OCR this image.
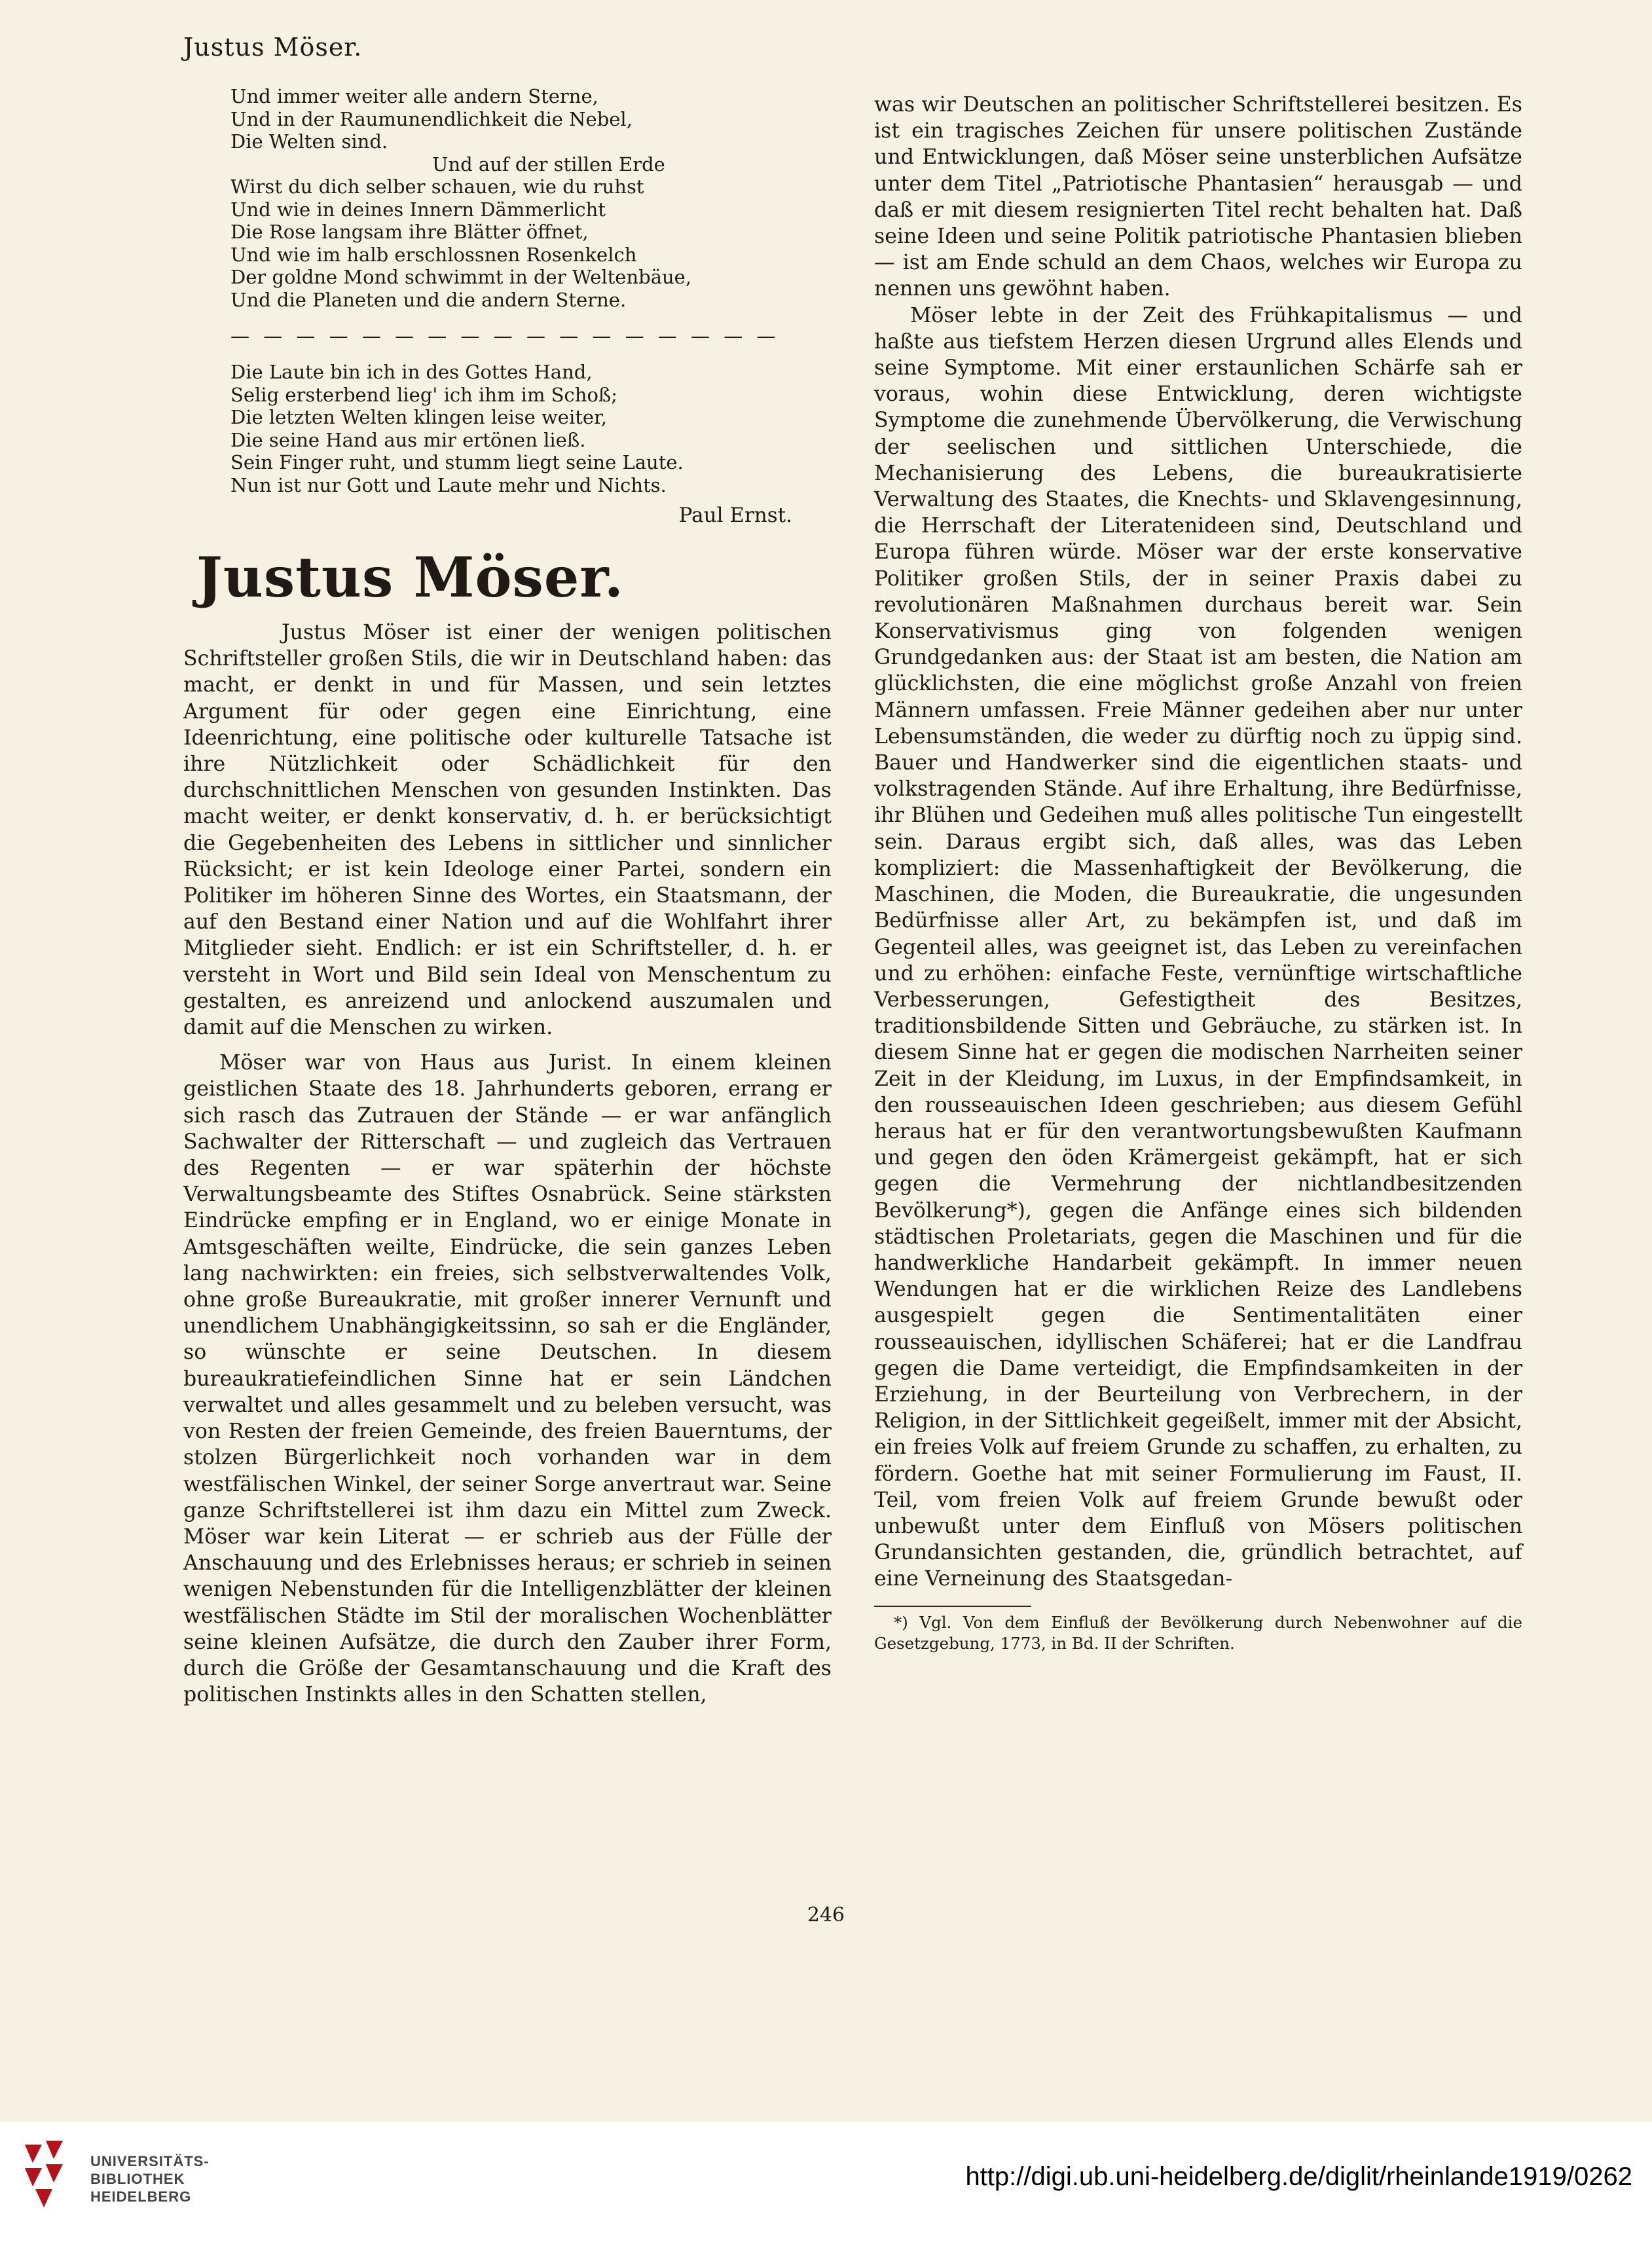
Justus Möser.
Und immer weiter alle andern Sterne,
Und in der Raumunendlichkeit die Nebel,
Die Welten sind.
Und auf der stillen Erde
Wirst du dich selber schauen, wie du ruhst
Und wie in deines Innern Dämmerlicht
Die Rose langsam ihre Blätter öffnet,
Und wie im halb erschlossnen Rosenkelch
Der goldne Mond schwimmt in der Weltenbäue,
Und die Planeten und die andern Sterne.
— — — — — — — — — — — — — — — — —
Die Laute bin ich in des Gottes Hand,
Selig ersterbend lieg' ich ihm im Schoß;
Die letzten Welten klingen leise weiter,
Die seine Hand aus mir ertönen ließ.
Sein Finger ruht, und stumm liegt seine Laute.
Nun ist nur Gott und Laute mehr und Nichts.
Paul Ernst.
Justus Möser.

Justus Möser ist einer der wenigen politischen Schriftsteller großen Stils, die wir in Deutschland haben: das macht, er denkt in und für Massen, und sein letztes Argument für oder gegen eine Einrichtung, eine Ideenrichtung, eine politische oder kulturelle Tatsache ist ihre Nützlichkeit oder Schädlichkeit für den durchschnittlichen Menschen von gesunden Instinkten. Das macht weiter, er denkt konservativ, d. h. er berücksichtigt die Gegebenheiten des Lebens in sittlicher und sinnlicher Rücksicht; er ist kein Ideologe einer Partei, sondern ein Politiker im höheren Sinne des Wortes, ein Staatsmann, der auf den Bestand einer Nation und auf die Wohlfahrt ihrer Mitglieder sieht. Endlich: er ist ein Schriftsteller, d. h. er versteht in Wort und Bild sein Ideal von Menschentum zu gestalten, es anreizend und anlockend auszumalen und damit auf die Menschen zu wirken.

Möser war von Haus aus Jurist. In einem kleinen geistlichen Staate des 18. Jahrhunderts geboren, errang er sich rasch das Zutrauen der Stände — er war anfänglich Sachwalter der Ritterschaft — und zugleich das Vertrauen des Regenten — er war späterhin der höchste Verwaltungsbeamte des Stiftes Osnabrück. Seine stärksten Eindrücke empfing er in England, wo er einige Monate in Amtsgeschäften weilte, Eindrücke, die sein ganzes Leben lang nachwirkten: ein freies, sich selbstverwaltendes Volk, ohne große Bureaukratie, mit großer innerer Vernunft und unendlichem Unabhängigkeitssinn, so sah er die Engländer, so wünschte er seine Deutschen. In diesem bureaukratiefeindlichen Sinne hat er sein Ländchen verwaltet und alles gesammelt und zu beleben versucht, was von Resten der freien Gemeinde, des freien Bauerntums, der stolzen Bürgerlichkeit noch vorhanden war in dem westfälischen Winkel, der seiner Sorge anvertraut war. Seine ganze Schriftstellerei ist ihm dazu ein Mittel zum Zweck. Möser war kein Literat — er schrieb aus der Fülle der Anschauung und des Erlebnisses heraus; er schrieb in seinen wenigen Nebenstunden für die Intelligenzblätter der kleinen westfälischen Städte im Stil der moralischen Wochenblätter seine kleinen Aufsätze, die durch den Zauber ihrer Form, durch die Größe der Gesamtanschauung und die Kraft des politischen Instinkts alles in den Schatten stellen,

was wir Deutschen an politischer Schriftstellerei besitzen. Es ist ein tragisches Zeichen für unsere politischen Zustände und Entwicklungen, daß Möser seine unsterblichen Aufsätze unter dem Titel „Patriotische Phantasien“ herausgab — und daß er mit diesem resignierten Titel recht behalten hat. Daß seine Ideen und seine Politik patriotische Phantasien blieben — ist am Ende schuld an dem Chaos, welches wir Europa zu nennen uns gewöhnt haben.

Möser lebte in der Zeit des Frühkapitalismus — und haßte aus tiefstem Herzen diesen Urgrund alles Elends und seine Symptome. Mit einer erstaunlichen Schärfe sah er voraus, wohin diese Entwicklung, deren wichtigste Symptome die zunehmende Übervölkerung, die Verwischung der seelischen und sittlichen Unterschiede, die Mechanisierung des Lebens, die bureaukratisierte Verwaltung des Staates, die Knechts- und Sklavengesinnung, die Herrschaft der Literatenideen sind, Deutschland und Europa führen würde. Möser war der erste konservative Politiker großen Stils, der in seiner Praxis dabei zu revolutionären Maßnahmen durchaus bereit war. Sein Konservativismus ging von folgenden wenigen Grundgedanken aus: der Staat ist am besten, die Nation am glücklichsten, die eine möglichst große Anzahl von freien Männern umfassen. Freie Männer gedeihen aber nur unter Lebensumständen, die weder zu dürftig noch zu üppig sind. Bauer und Handwerker sind die eigentlichen staats- und volkstragenden Stände. Auf ihre Erhaltung, ihre Bedürfnisse, ihr Blühen und Gedeihen muß alles politische Tun eingestellt sein. Daraus ergibt sich, daß alles, was das Leben kompliziert: die Massenhaftigkeit der Bevölkerung, die Maschinen, die Moden, die Bureaukratie, die ungesunden Bedürfnisse aller Art, zu bekämpfen ist, und daß im Gegenteil alles, was geeignet ist, das Leben zu vereinfachen und zu erhöhen: einfache Feste, vernünftige wirtschaftliche Verbesserungen, Gefestigtheit des Besitzes, traditionsbildende Sitten und Gebräuche, zu stärken ist. In diesem Sinne hat er gegen die modischen Narrheiten seiner Zeit in der Kleidung, im Luxus, in der Empfindsamkeit, in den rousseauischen Ideen geschrieben; aus diesem Gefühl heraus hat er für den verantwortungsbewußten Kaufmann und gegen den öden Krämergeist gekämpft, hat er sich gegen die Vermehrung der nichtlandbesitzenden Bevölkerung*), gegen die Anfänge eines sich bildenden städtischen Proletariats, gegen die Maschinen und für die handwerkliche Handarbeit gekämpft. In immer neuen Wendungen hat er die wirklichen Reize des Landlebens ausgespielt gegen die Sentimentalitäten einer rousseauischen, idyllischen Schäferei; hat er die Landfrau gegen die Dame verteidigt, die Empfindsamkeiten in der Erziehung, in der Beurteilung von Verbrechern, in der Religion, in der Sittlichkeit gegeißelt, immer mit der Absicht, ein freies Volk auf freiem Grunde zu schaffen, zu erhalten, zu fördern. Goethe hat mit seiner Formulierung im Faust, II. Teil, vom freien Volk auf freiem Grunde bewußt oder unbewußt unter dem Einfluß von Mösers politischen Grundansichten gestanden, die, gründlich betrachtet, auf eine Verneinung des Staatsgedan-

*) Vgl. Von dem Einfluß der Bevölkerung durch Nebenwohner auf die Gesetzgebung, 1773, in Bd. II der Schriften.
246
UNIVERSITÄTS-
BIBLIOTHEK
HEIDELBERG
http://digi.ub.uni-heidelberg.de/diglit/rheinlande1919/0262
